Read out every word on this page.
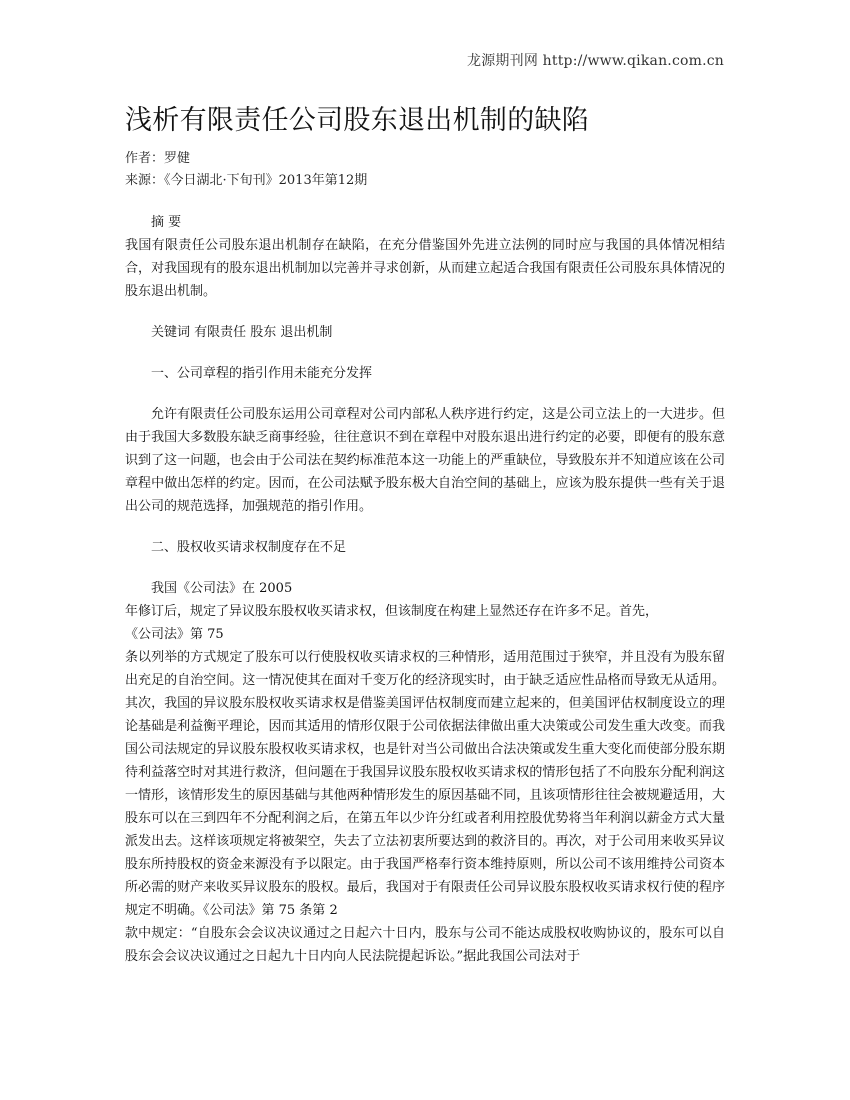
龙源期刊网 http://www.qikan.com.cn
浅析有限责任公司股东退出机制的缺陷
作者：罗健
来源：《今日湖北·下旬刊》2013年第12期

摘 要

我国有限责任公司股东退出机制存在缺陷，在充分借鉴国外先进立法例的同时应与我国的具体情况相结合，对我国现有的股东退出机制加以完善并寻求创新，从而建立起适合我国有限责任公司股东具体情况的股东退出机制。

关键词 有限责任 股东 退出机制

一、公司章程的指引作用未能充分发挥

允许有限责任公司股东运用公司章程对公司内部私人秩序进行约定，这是公司立法上的一大进步。但由于我国大多数股东缺乏商事经验，往往意识不到在章程中对股东退出进行约定的必要，即便有的股东意识到了这一问题，也会由于公司法在契约标准范本这一功能上的严重缺位，导致股东并不知道应该在公司章程中做出怎样的约定。因而，在公司法赋予股东极大自治空间的基础上，应该为股东提供一些有关于退出公司的规范选择，加强规范的指引作用。

二、股权收买请求权制度存在不足

我国《公司法》在 2005

年修订后，规定了异议股东股权收买请求权，但该制度在构建上显然还存在许多不足。首先，

《公司法》第 75

条以列举的方式规定了股东可以行使股权收买请求权的三种情形，适用范围过于狭窄，并且没有为股东留出充足的自治空间。这一情况使其在面对千变万化的经济现实时，由于缺乏适应性品格而导致无从适用。其次，我国的异议股东股权收买请求权是借鉴美国评估权制度而建立起来的，但美国评估权制度设立的理论基础是利益衡平理论，因而其适用的情形仅限于公司依据法律做出重大决策或公司发生重大改变。而我国公司法规定的异议股东股权收买请求权，也是针对当公司做出合法决策或发生重大变化而使部分股东期待利益落空时对其进行救济，但问题在于我国异议股东股权收买请求权的情形包括了不向股东分配利润这一情形，该情形发生的原因基础与其他两种情形发生的原因基础不同，且该项情形往往会被规避适用，大股东可以在三到四年不分配利润之后，在第五年以少许分红或者利用控股优势将当年利润以薪金方式大量派发出去。这样该项规定将被架空，失去了立法初衷所要达到的救济目的。再次，对于公司用来收买异议股东所持股权的资金来源没有予以限定。由于我国严格奉行资本维持原则，所以公司不该用维持公司资本所必需的财产来收买异议股东的股权。最后，我国对于有限责任公司异议股东股权收买请求权行使的程序规定不明确。《公司法》第 75 条第 2

款中规定：“自股东会会议决议通过之日起六十日内，股东与公司不能达成股权收购协议的，股东可以自股东会会议决议通过之日起九十日内向人民法院提起诉讼。”据此我国公司法对于
